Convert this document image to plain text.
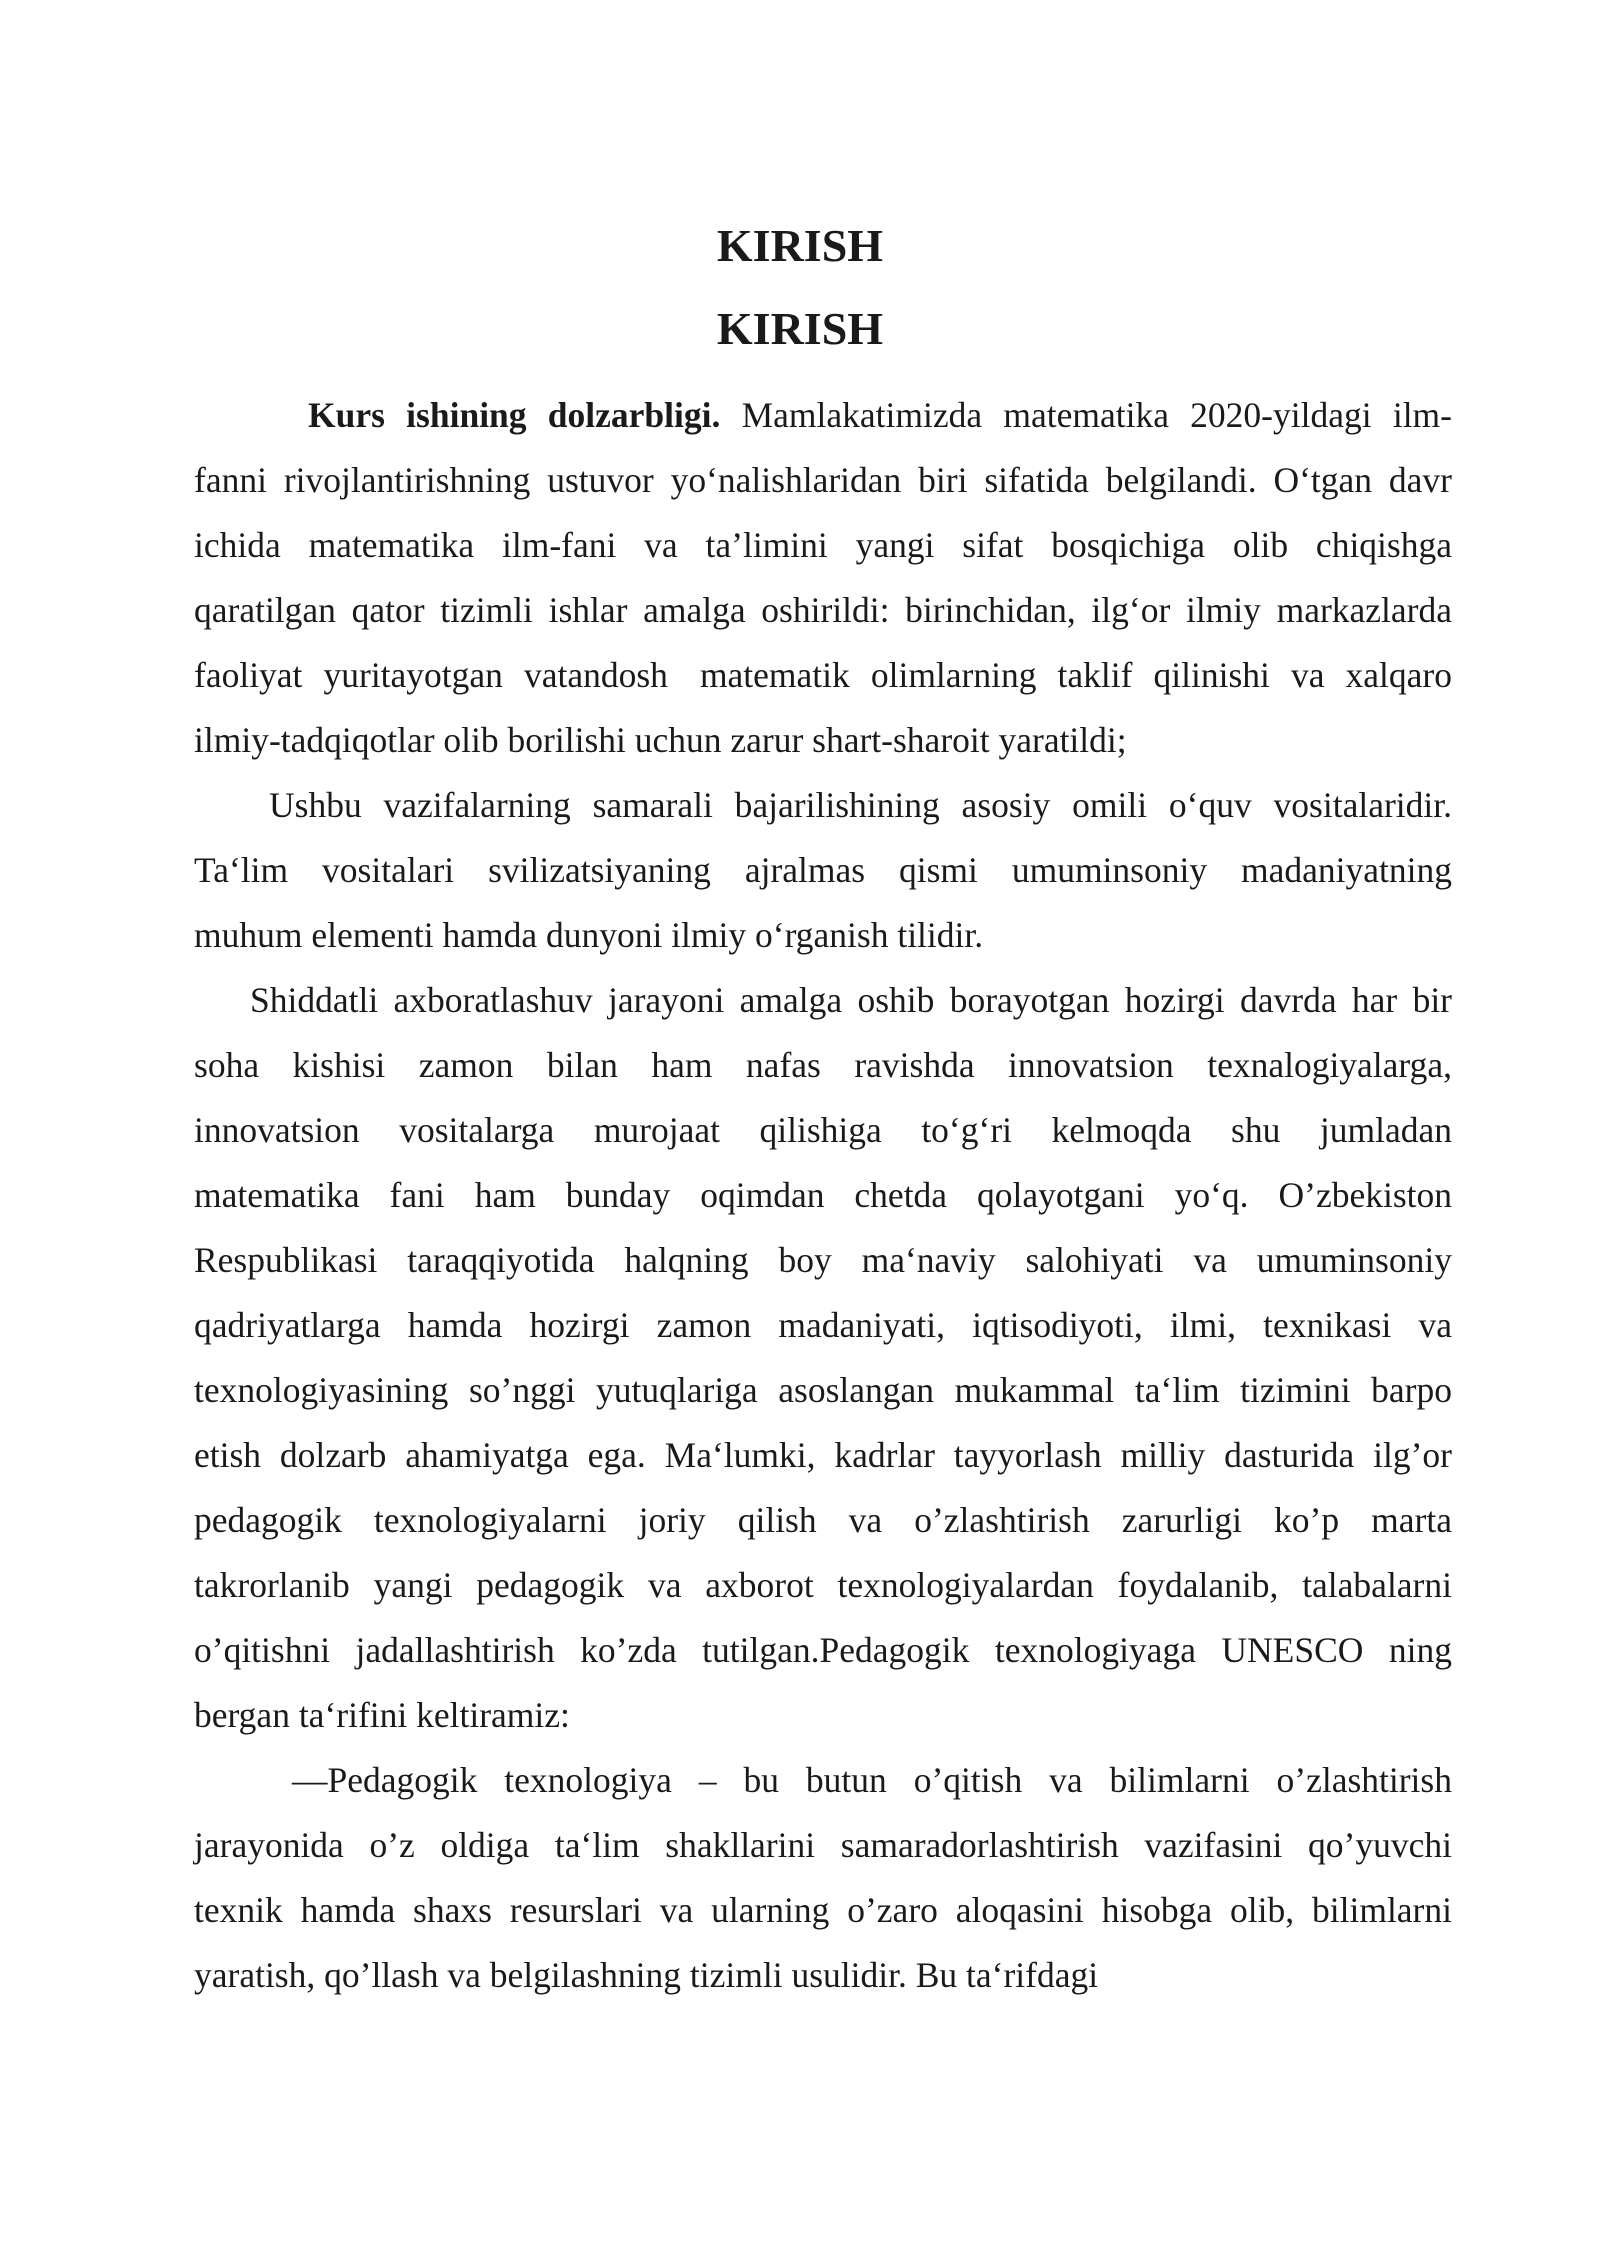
KIRISH
KIRISH

Kurs ishining dolzarbligi. Mamlakatimizda matematika 2020-yildagi ilm-
fanni rivojlantirishning ustuvor yo‘nalishlaridan biri sifatida belgilandi. O‘tgan davr
ichida matematika ilm-fani va ta’limini yangi sifat bosqichiga olib chiqishga
qaratilgan qator tizimli ishlar amalga oshirildi: birinchidan, ilg‘or ilmiy markazlarda
faoliyat yuritayotgan vatandosh matematik olimlarning taklif qilinishi va xalqaro
ilmiy-tadqiqotlar olib borilishi uchun zarur shart-sharoit yaratildi;

Ushbu vazifalarning samarali bajarilishining asosiy omili o‘quv vositalaridir.
Ta‘lim vositalari svilizatsiyaning ajralmas qismi umuminsoniy madaniyatning
muhum elementi hamda dunyoni ilmiy o‘rganish tilidir.

Shiddatli axboratlashuv jarayoni amalga oshib borayotgan hozirgi davrda har bir
soha kishisi zamon bilan ham nafas ravishda innovatsion texnalogiyalarga,
innovatsion vositalarga murojaat qilishiga to‘g‘ri kelmoqda shu jumladan
matematika fani ham bunday oqimdan chetda qolayotgani yo‘q. O’zbekiston
Respublikasi taraqqiyotida halqning boy ma‘naviy salohiyati va umuminsoniy
qadriyatlarga hamda hozirgi zamon madaniyati, iqtisodiyoti, ilmi, texnikasi va
texnologiyasining so’nggi yutuqlariga asoslangan mukammal ta‘lim tizimini barpo
etish dolzarb ahamiyatga ega. Ma‘lumki, kadrlar tayyorlash milliy dasturida ilg’or
pedagogik texnologiyalarni joriy qilish va o’zlashtirish zarurligi ko’p marta
takrorlanib yangi pedagogik va axborot texnologiyalardan foydalanib, talabalarni
o’qitishni jadallashtirish ko’zda tutilgan.Pedagogik texnologiyaga UNESCO ning
bergan ta‘rifini keltiramiz:

―Pedagogik texnologiya – bu butun o’qitish va bilimlarni o’zlashtirish
jarayonida o’z oldiga ta‘lim shakllarini samaradorlashtirish vazifasini qo’yuvchi
texnik hamda shaxs resurslari va ularning o’zaro aloqasini hisobga olib, bilimlarni
yaratish, qo’llash va belgilashning tizimli usulidir. Bu ta‘rifdagi
